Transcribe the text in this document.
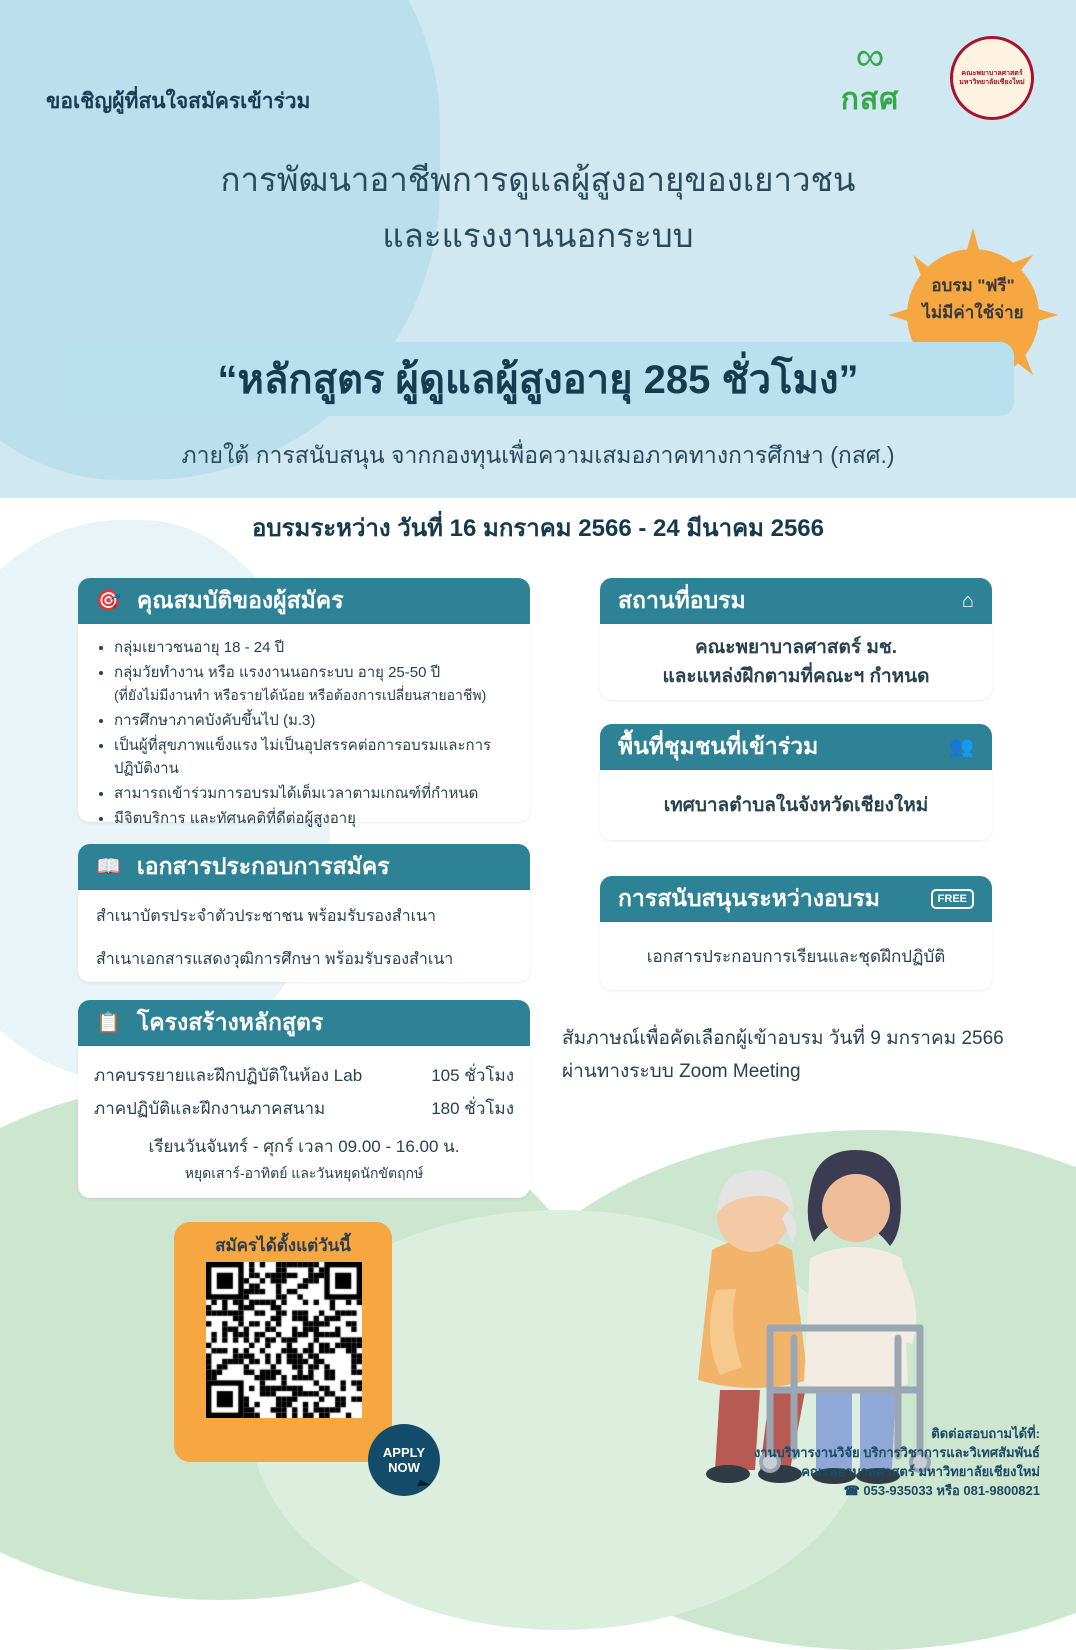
ขอเชิญผู้ที่สนใจสมัครเข้าร่วม
∞
กสศ
คณะพยาบาลศาสตร์ มหาวิทยาลัยเชียงใหม่
การพัฒนาอาชีพการดูแลผู้สูงอายุของเยาวชน
และแรงงานนอกระบบ
อบรม "ฟรี"
ไม่มีค่าใช้จ่าย
“หลักสูตร ผู้ดูแลผู้สูงอายุ 285 ชั่วโมง”
ภายใต้ การสนับสนุน จากกองทุนเพื่อความเสมอภาคทางการศึกษา (กสศ.)
อบรมระหว่าง วันที่ 16 มกราคม 2566 - 24 มีนาคม 2566
🎯 คุณสมบัติของผู้สมัคร
• กลุ่มเยาวชนอายุ 18 - 24 ปี
• กลุ่มวัยทำงาน หรือ แรงงานนอกระบบ อายุ 25-50 ปี
(ที่ยังไม่มีงานทำ หรือรายได้น้อย หรือต้องการเปลี่ยนสายอาชีพ)
• การศึกษาภาคบังคับขึ้นไป (ม.3)
• เป็นผู้ที่สุขภาพแข็งแรง ไม่เป็นอุปสรรคต่อการอบรมและการปฏิบัติงาน
• สามารถเข้าร่วมการอบรมได้เต็มเวลาตามเกณฑ์ที่กำหนด
• มีจิตบริการ และทัศนคติที่ดีต่อผู้สูงอายุ
📖 เอกสารประกอบการสมัคร

สำเนาบัตรประจำตัวประชาชน พร้อมรับรองสำเนา

สำเนาเอกสารแสดงวุฒิการศึกษา พร้อมรับรองสำเนา

📋 โครงสร้างหลักสูตร
ภาคบรรยายและฝึกปฏิบัติในห้อง Lab	105 ชั่วโมง
ภาคปฏิบัติและฝึกงานภาคสนาม	180 ชั่วโมง
เรียนวันจันทร์ - ศุกร์ เวลา 09.00 - 16.00 น.
หยุดเสาร์-อาทิตย์ และวันหยุดนักขัตฤกษ์
สถานที่อบรม	⌂
คณะพยาบาลศาสตร์ มช.
และแหล่งฝึกตามที่คณะฯ กำหนด
พื้นที่ชุมชนที่เข้าร่วม	👥
เทศบาลตำบลในจังหวัดเชียงใหม่
การสนับสนุนระหว่างอบรม	FREE
เอกสารประกอบการเรียนและชุดฝึกปฏิบัติ
สัมภาษณ์เพื่อคัดเลือกผู้เข้าอบรม วันที่ 9 มกราคม 2566
ผ่านทางระบบ Zoom Meeting
สมัครได้ตั้งแต่วันนี้
APPLY
NOW
ติดต่อสอบถามได้ที่:
งานบริหารงานวิจัย บริการวิชาการและวิเทศสัมพันธ์
คณะพยาบาลศาสตร์ มหาวิทยาลัยเชียงใหม่
☎ 053-935033 หรือ 081-9800821
